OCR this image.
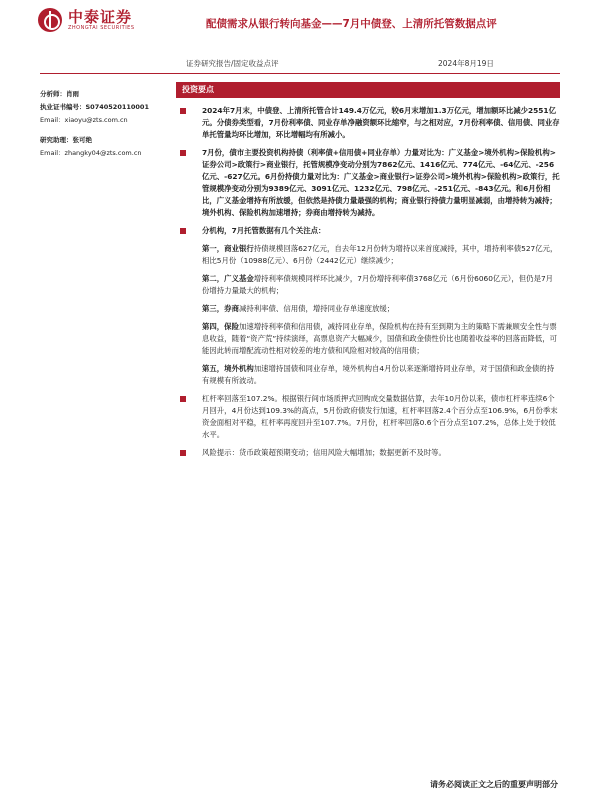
中泰证券
ZHONGTAI SECURITIES	配债需求从银行转向基金——7月中债登、上清所托管数据点评
证券研究报告/固定收益点评	2024年8月19日
分析师：肖雨
执业证书编号：S0740520110001
Email：xiaoyu@zts.com.cn
研究助理：张可绝
Email：zhangky04@zts.com.cn
投资要点
2024年7月末，中债登、上清所托管合计149.4万亿元，较6月末增加1.3万亿元，增加额环比减少2551亿元。分债券类型看，7月份利率债、同业存单净融资额环比缩窄，与之相对应，7月份利率债、信用债、同业存单托管量均环比增加，环比增幅均有所减小。
7月份，债市主要投资机构持债（利率债+信用债+同业存单）力量对比为：广义基金>境外机构>保险机构>证券公司>政策行>商业银行，托管规模净变动分别为7862亿元、1416亿元、774亿元、-64亿元、-256亿元、-627亿元。6月份持债力量对比为：广义基金>商业银行>证券公司>境外机构>保险机构>政策行，托管规模净变动分别为9389亿元、3091亿元、1232亿元、798亿元、-251亿元、-843亿元。和6月份相比，广义基金增持有所放缓，但依然是持债力量最强的机构；商业银行持债力量明显减弱，由增持转为减持；境外机构、保险机构加速增持；券商由增持转为减持。
分机构，7月托管数据有几个关注点：
第一，商业银行持债规模回落627亿元，自去年12月份转为增持以来首度减持，其中，增持利率债527亿元，相比5月份（10988亿元）、6月份（2442亿元）继续减少；
第二，广义基金增持利率债规模同样环比减少，7月份增持利率债3768亿元（6月份6060亿元），但仍是7月份增持力量最大的机构；
第三，券商减持利率债、信用债，增持同业存单速度放缓；
第四，保险加速增持利率债和信用债，减持同业存单，保险机构在持有至到期为主的策略下需兼顾安全性与票息收益，随着“资产荒”持续演绎，高票息资产大幅减少，国债和政金债性价比也随着收益率的回落而降低，可能因此转而增配流动性相对较差的地方债和风险相对较高的信用债；
第五，境外机构加速增持国债和同业存单，境外机构自4月份以来逐渐增持同业存单，对于国债和政金债的持有规模有所波动。
杠杆率回落至107.2%。根据银行间市场质押式回购成交量数据估算，去年10月份以来，债市杠杆率连续6个月回升，4月份达到109.3%的高点，5月份政府债发行加速，杠杆率回落2.4个百分点至106.9%，6月份季末资金面相对平稳，杠杆率再度回升至107.7%。7月份，杠杆率回落0.6个百分点至107.2%，总体上处于较低水平。
风险提示：货币政策超预期变动；信用风险大幅增加；数据更新不及时等。
请务必阅读正文之后的重要声明部分
